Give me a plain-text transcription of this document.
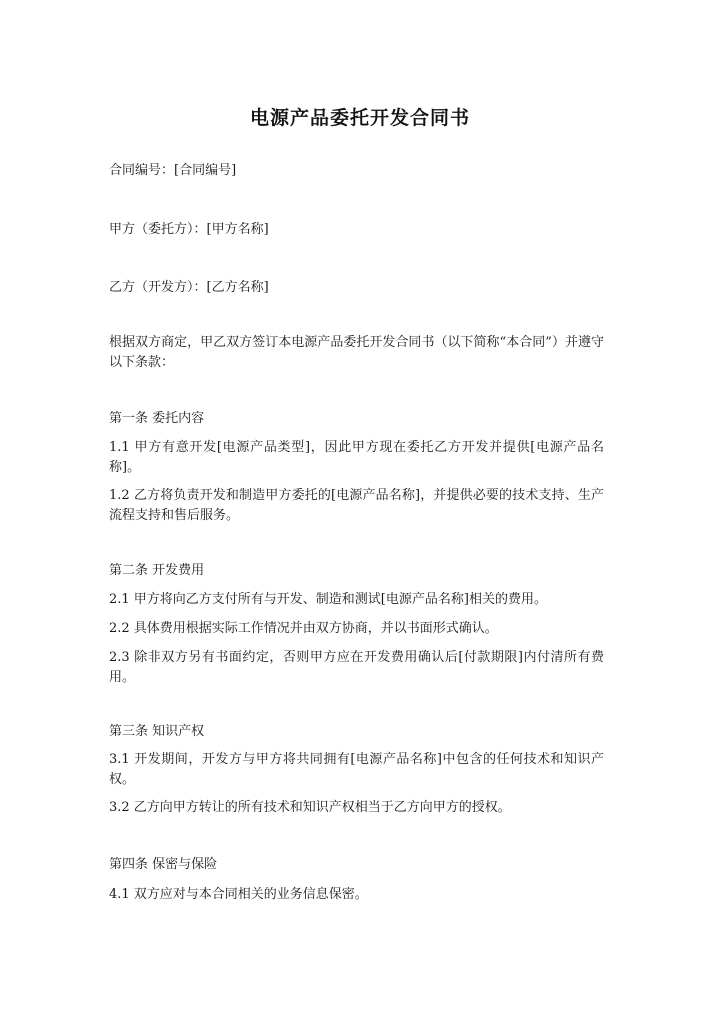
电源产品委托开发合同书
合同编号：[合同编号]
甲方（委托方）：[甲方名称]
乙方（开发方）：[乙方名称]
根据双方商定，甲乙双方签订本电源产品委托开发合同书（以下简称“本合同”）并遵守以下条款：
第一条 委托内容
1.1 甲方有意开发[电源产品类型]，因此甲方现在委托乙方开发并提供[电源产品名称]。
1.2 乙方将负责开发和制造甲方委托的[电源产品名称]，并提供必要的技术支持、生产流程支持和售后服务。
第二条 开发费用
2.1 甲方将向乙方支付所有与开发、制造和测试[电源产品名称]相关的费用。
2.2 具体费用根据实际工作情况并由双方协商，并以书面形式确认。
2.3 除非双方另有书面约定，否则甲方应在开发费用确认后[付款期限]内付清所有费用。
第三条 知识产权
3.1 开发期间，开发方与甲方将共同拥有[电源产品名称]中包含的任何技术和知识产权。
3.2 乙方向甲方转让的所有技术和知识产权相当于乙方向甲方的授权。
第四条 保密与保险
4.1 双方应对与本合同相关的业务信息保密。
